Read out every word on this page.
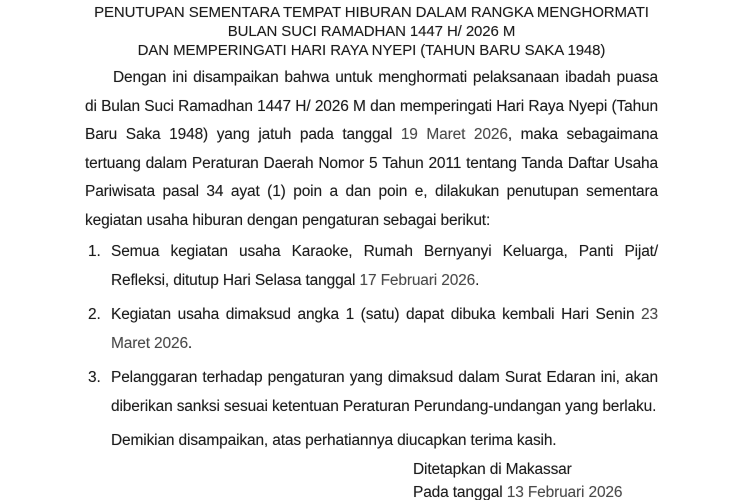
PENUTUPAN SEMENTARA TEMPAT HIBURAN DALAM RANGKA MENGHORMATI
BULAN SUCI RAMADHAN 1447 H/ 2026 M
DAN MEMPERINGATI HARI RAYA NYEPI (TAHUN BARU SAKA 1948)

Dengan ini disampaikan bahwa untuk menghormati pelaksanaan ibadah puasa di Bulan Suci Ramadhan 1447 H/ 2026 M dan memperingati Hari Raya Nyepi (Tahun Baru Saka 1948) yang jatuh pada tanggal 19 Maret 2026, maka sebagaimana tertuang dalam Peraturan Daerah Nomor 5 Tahun 2011 tentang Tanda Daftar Usaha Pariwisata pasal 34 ayat (1) poin a dan poin e, dilakukan penutupan sementara kegiatan usaha hiburan dengan pengaturan sebagai berikut:

1. Semua kegiatan usaha Karaoke, Rumah Bernyanyi Keluarga, Panti Pijat/ Refleksi, ditutup Hari Selasa tanggal 17 Februari 2026.
2. Kegiatan usaha dimaksud angka 1 (satu) dapat dibuka kembali Hari Senin 23 Maret 2026.
3. Pelanggaran terhadap pengaturan yang dimaksud dalam Surat Edaran ini, akan diberikan sanksi sesuai ketentuan Peraturan Perundang-undangan yang berlaku.

Demikian disampaikan, atas perhatiannya diucapkan terima kasih.

Ditetapkan di Makassar
Pada tanggal 13 Februari 2026
